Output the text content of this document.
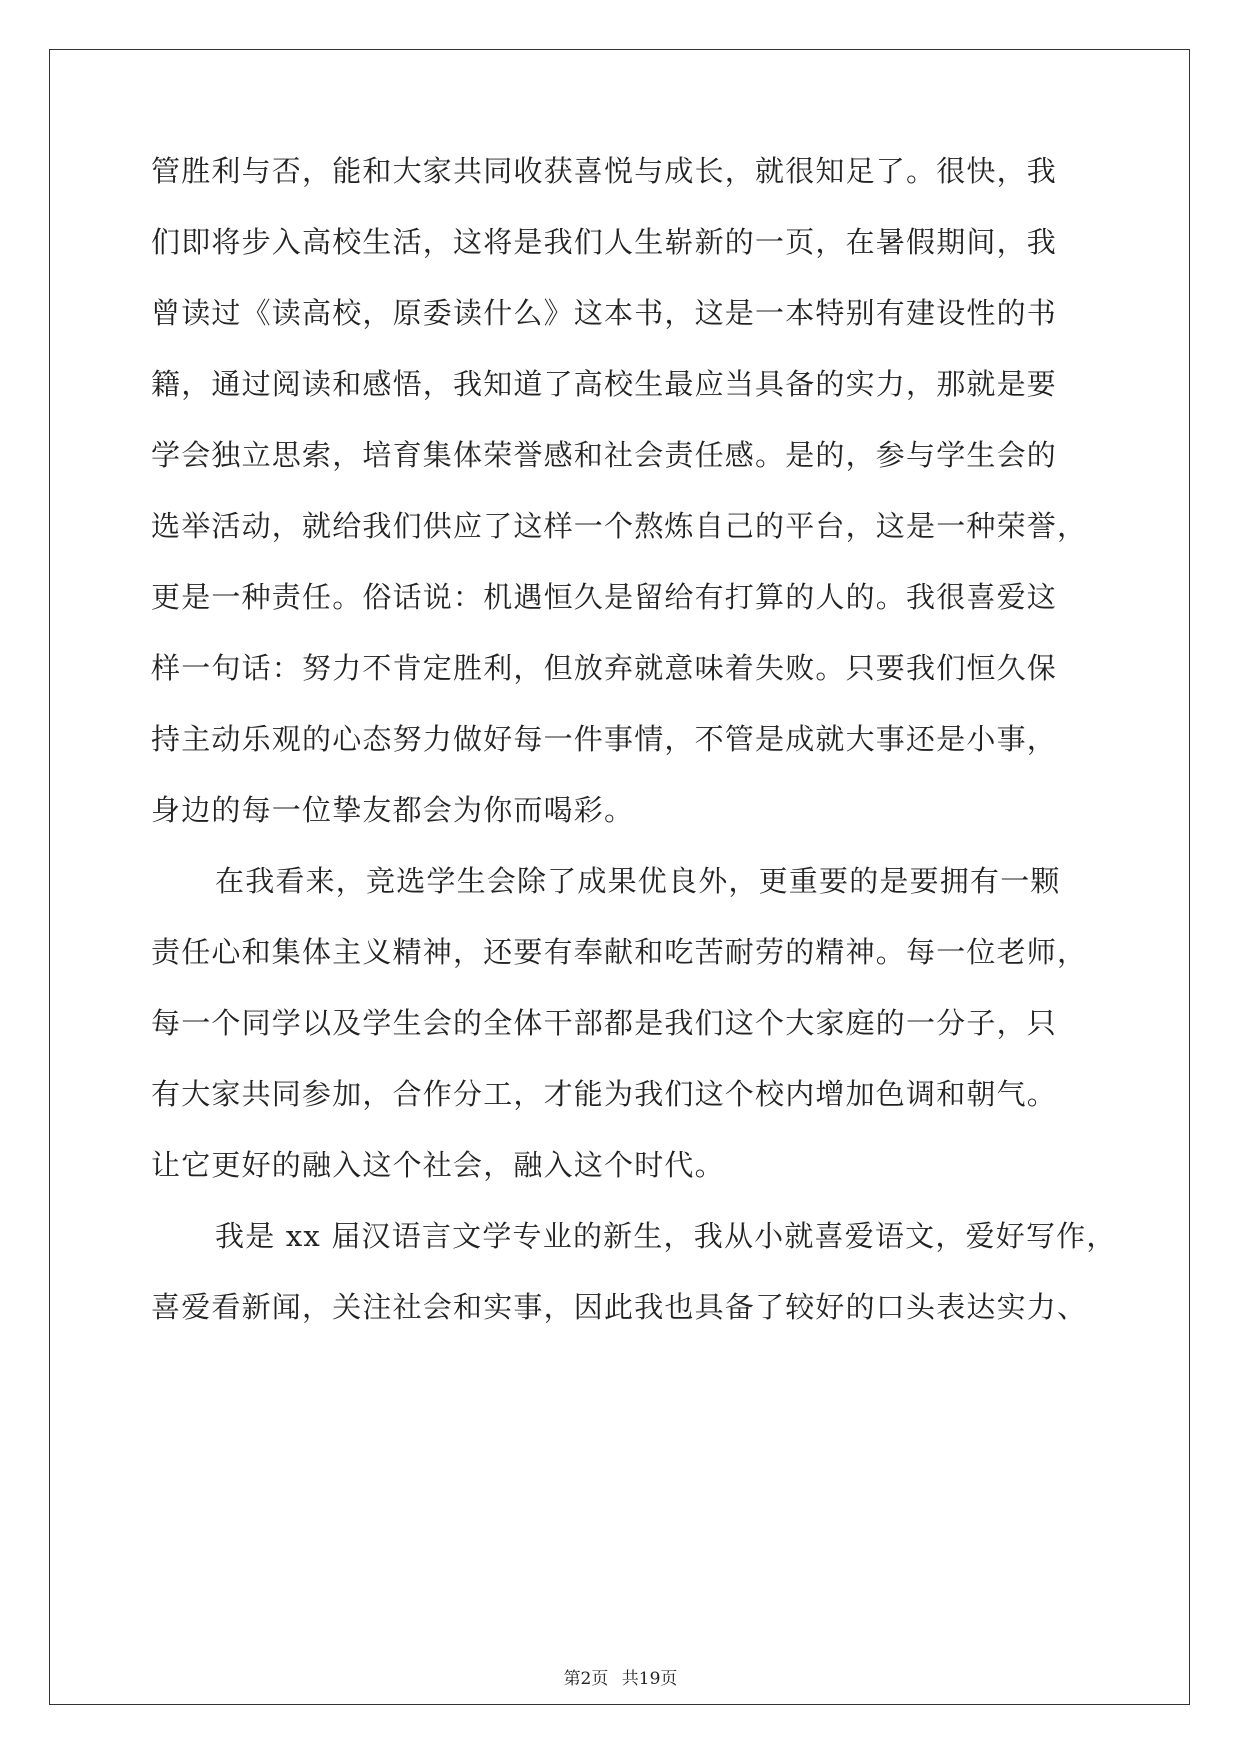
管胜利与否，能和大家共同收获喜悦与成长，就很知足了。很快，我
们即将步入高校生活，这将是我们人生崭新的一页，在暑假期间，我
曾读过《读高校，原委读什么》这本书，这是一本特别有建设性的书
籍，通过阅读和感悟，我知道了高校生最应当具备的实力，那就是要
学会独立思索，培育集体荣誉感和社会责任感。是的，参与学生会的
选举活动，就给我们供应了这样一个熬炼自己的平台，这是一种荣誉，
更是一种责任。俗话说：机遇恒久是留给有打算的人的。我很喜爱这
样一句话：努力不肯定胜利，但放弃就意味着失败。只要我们恒久保
持主动乐观的心态努力做好每一件事情，不管是成就大事还是小事，
身边的每一位挚友都会为你而喝彩。
在我看来，竞选学生会除了成果优良外，更重要的是要拥有一颗
责任心和集体主义精神，还要有奉献和吃苦耐劳的精神。每一位老师，
每一个同学以及学生会的全体干部都是我们这个大家庭的一分子，只
有大家共同参加，合作分工，才能为我们这个校内增加色调和朝气。
让它更好的融入这个社会，融入这个时代。
我是 xx 届汉语言文学专业的新生，我从小就喜爱语文，爱好写作，
喜爱看新闻，关注社会和实事，因此我也具备了较好的口头表达实力、
第2页 共19页
